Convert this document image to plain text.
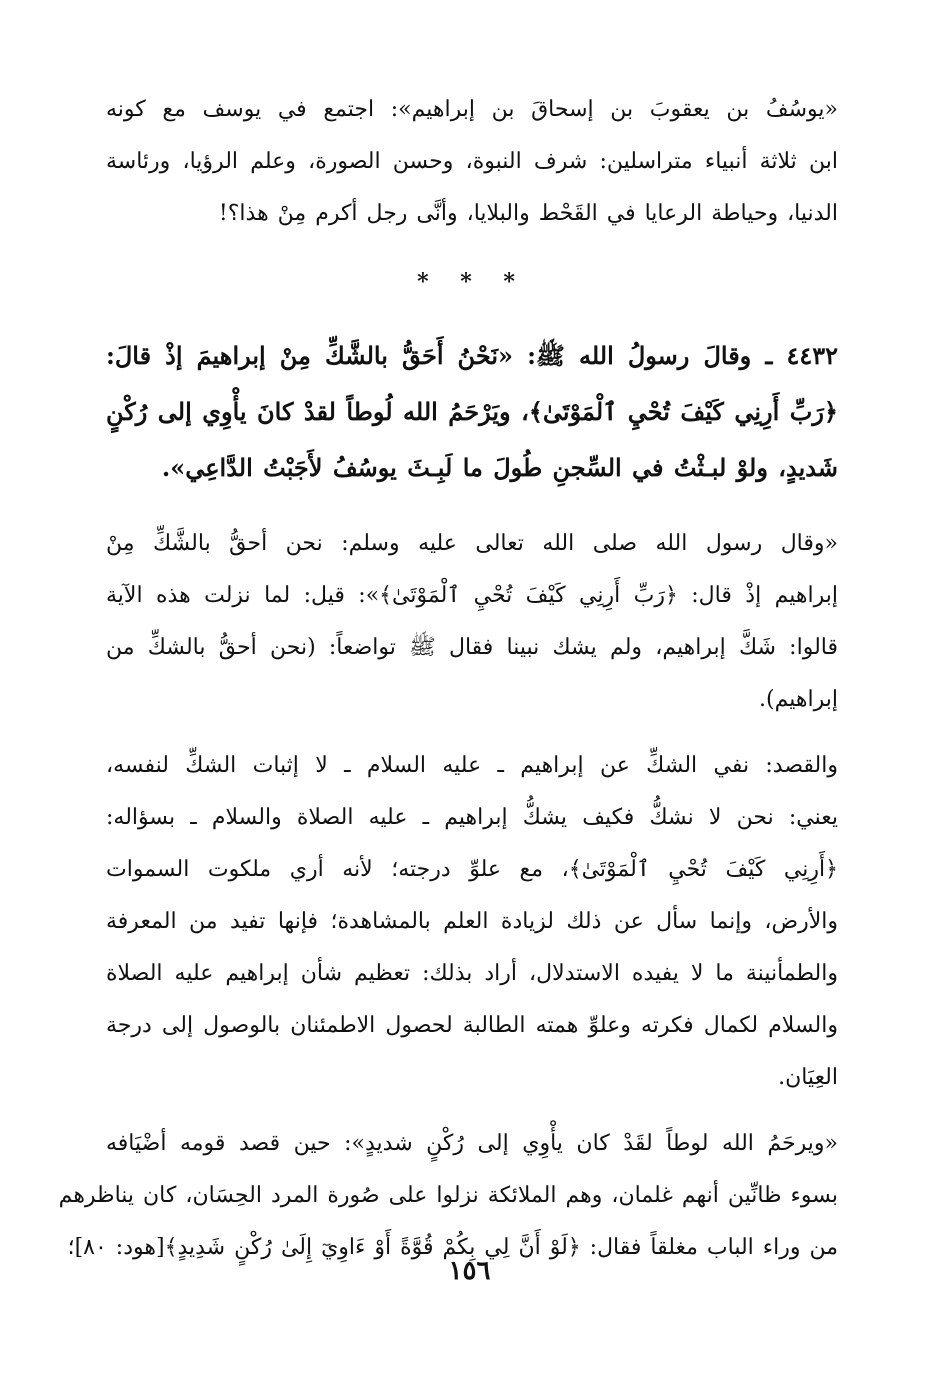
«يوسُفُ بن يعقوبَ بن إسحاقَ بن إبراهيم»: اجتمع في يوسف مع كونه
ابن ثلاثة أنبياء متراسلين: شرف النبوة، وحسن الصورة، وعلم الرؤيا، ورئاسة
الدنيا، وحياطة الرعايا في القَحْط والبلايا، وأنَّى رجل أكرم مِنْ هذا؟!

* * *

٤٤٣٢ ـ وقالَ رسولُ الله ﷺ: «نَحْنُ أَحَقُّ بالشَّكِّ مِنْ إبراهيمَ إذْ قالَ:
﴿رَبِّ أَرِنِي كَيْفَ تُحْيِ ٱلْمَوْتَىٰ﴾، ويَرْحَمُ الله لُوطاً لقدْ كانَ يأْوِي إلى رُكْنٍ
شَديدٍ، ولوْ لبـثْتُ في السِّجنِ طُولَ ما لَبِـثَ يوسُفُ لأَجَبْتُ الدَّاعِي».

«وقال رسول الله صلى الله تعالى عليه وسلم: نحن أحقُّ بالشَّكِّ مِنْ
إبراهيم إذْ قال: ﴿رَبِّ أَرِنِي كَيْفَ تُحْيِ ٱلْمَوْتَىٰ﴾»: قيل: لما نزلت هذه الآية
قالوا: شَكَّ إبراهيم، ولم يشك نبينا فقال ﷺ تواضعاً: (نحن أحقُّ بالشكِّ من
إبراهيم).

والقصد: نفي الشكِّ عن إبراهيم ـ عليه السلام ـ لا إثبات الشكِّ لنفسه،
يعني: نحن لا نشكُّ فكيف يشكُّ إبراهيم ـ عليه الصلاة والسلام ـ بسؤاله:
﴿أَرِنِي كَيْفَ تُحْيِ ٱلْمَوْتَىٰ﴾، مع علوِّ درجته؛ لأنه أري ملكوت السموات
والأرض، وإنما سأل عن ذلك لزيادة العلم بالمشاهدة؛ فإنها تفيد من المعرفة
والطمأنينة ما لا يفيده الاستدلال، أراد بذلك: تعظيم شأن إبراهيم عليه الصلاة
والسلام لكمال فكرته وعلوِّ همته الطالبة لحصول الاطمئنان بالوصول إلى درجة
العِيَان.

«ويرحَمُ الله لوطاً لقَدْ كان يأْوِي إلى رُكْنٍ شديدٍ»: حين قصد قومه أضْيَافه
بسوء ظانِّين أنهم غلمان، وهم الملائكة نزلوا على صُورة المرد الحِسَان، كان يناظرهم
من وراء الباب مغلقاً فقال: ﴿لَوْ أَنَّ لِي بِكُمْ قُوَّةً أَوْ ءَاوِيٓ إِلَىٰ رُكْنٍ شَدِيدٍ﴾[هود: ٨٠]؛

١٥٦
